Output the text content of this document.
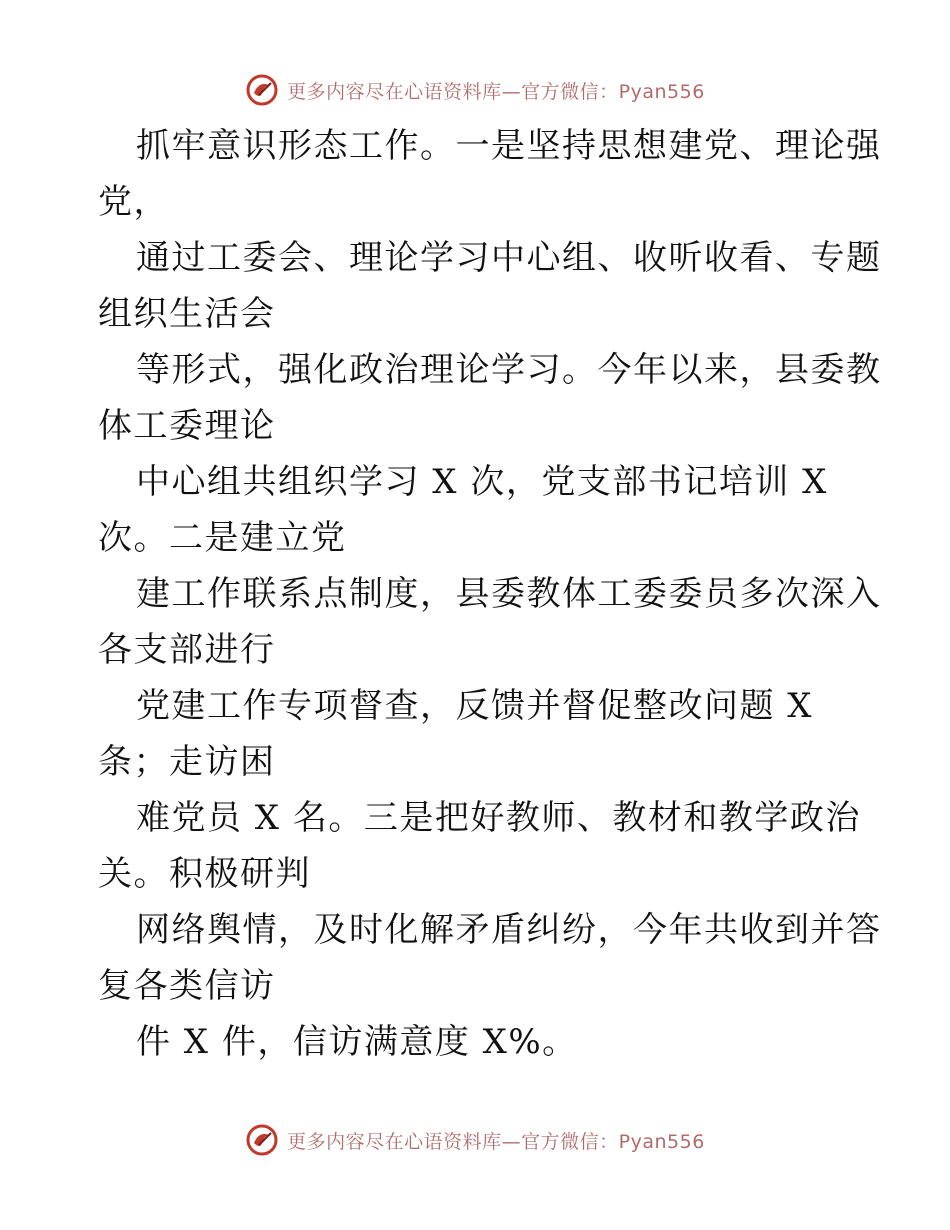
更多内容尽在心语资料库—官方微信：Pyan556

抓牢意识形态工作。一是坚持思想建党、理论强
党，

通过工委会、理论学习中心组、收听收看、专题
组织生活会

等形式，强化政治理论学习。今年以来，县委教
体工委理论

中心组共组织学习 X 次，党支部书记培训 X
次。二是建立党

建工作联系点制度，县委教体工委委员多次深入
各支部进行

党建工作专项督查，反馈并督促整改问题 X
条；走访困

难党员 X 名。三是把好教师、教材和教学政治
关。积极研判

网络舆情，及时化解矛盾纠纷，今年共收到并答
复各类信访

件 X 件，信访满意度 X%。

更多内容尽在心语资料库—官方微信：Pyan556
